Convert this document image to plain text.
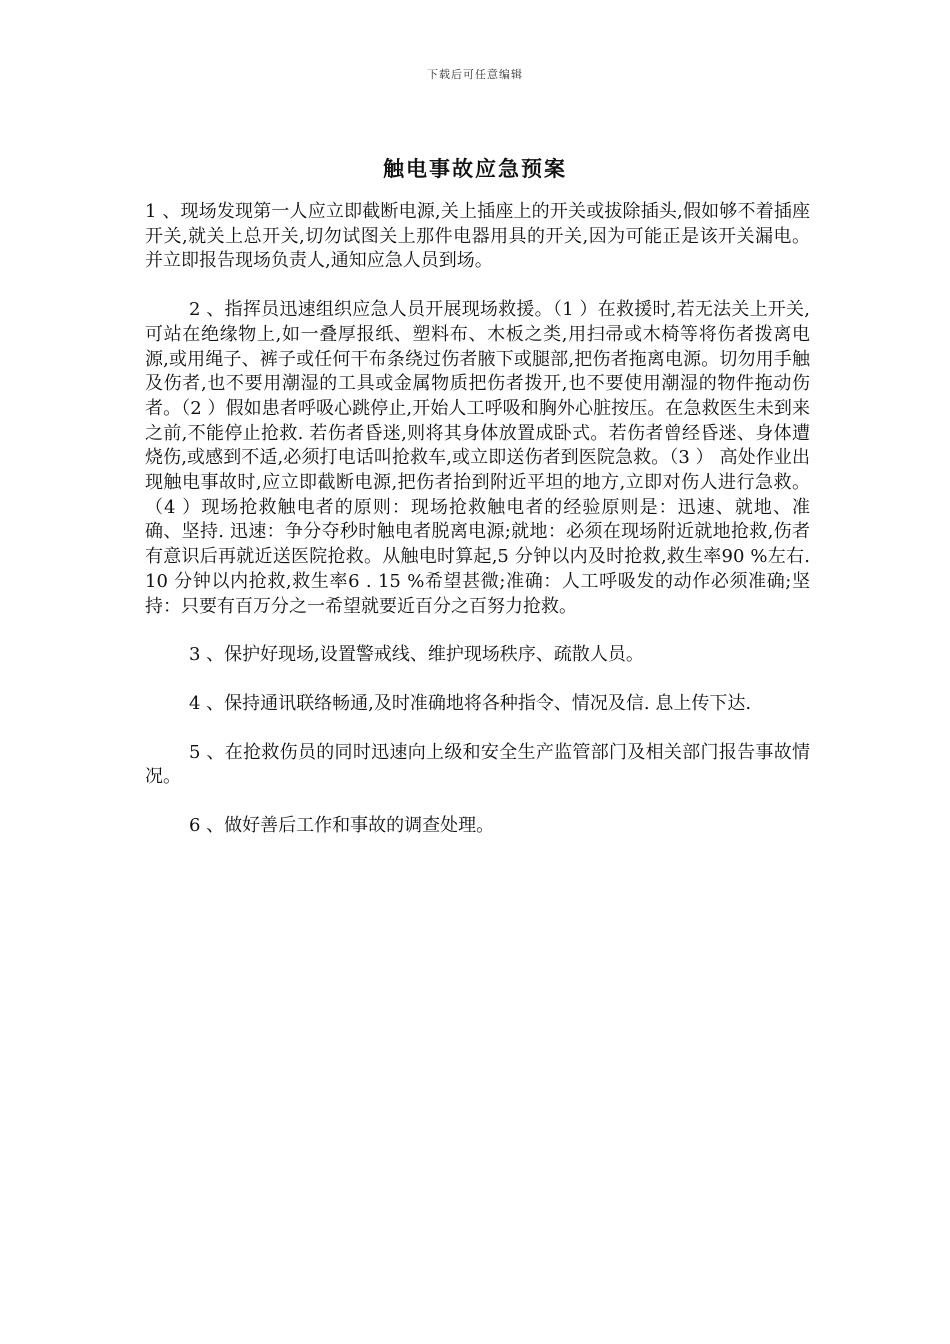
下载后可任意编辑
触电事故应急预案

1 、现场发现第一人应立即截断电源,关上插座上的开关或拔除插头,假如够不着插座开关,就关上总开关,切勿试图关上那件电器用具的开关,因为可能正是该开关漏电。并立即报告现场负责人,通知应急人员到场。

2 、指挥员迅速组织应急人员开展现场救援。（1 ）在救援时,若无法关上开关,可站在绝缘物上,如一叠厚报纸、塑料布、木板之类,用扫帚或木椅等将伤者拨离电源,或用绳子、裤子或任何干布条绕过伤者腋下或腿部,把伤者拖离电源。切勿用手触及伤者,也不要用潮湿的工具或金属物质把伤者拨开,也不要使用潮湿的物件拖动伤者。（2 ）假如患者呼吸心跳停止,开始人工呼吸和胸外心脏按压。在急救医生未到来之前,不能停止抢救. 若伤者昏迷,则将其身体放置成卧式。若伤者曾经昏迷、身体遭烧伤,或感到不适,必须打电话叫抢救车,或立即送伤者到医院急救。（3 ） 高处作业出现触电事故时,应立即截断电源,把伤者抬到附近平坦的地方,立即对伤人进行急救。（4 ）现场抢救触电者的原则：现场抢救触电者的经验原则是：迅速、就地、准确、坚持. 迅速：争分夺秒时触电者脱离电源;就地：必须在现场附近就地抢救,伤者有意识后再就近送医院抢救。从触电时算起,5 分钟以内及时抢救,救生率90 %左右. 10 分钟以内抢救,救生率6 . 15 %希望甚微;准确：人工呼吸发的动作必须准确;坚持：只要有百万分之一希望就要近百分之百努力抢救。

3 、保护好现场,设置警戒线、维护现场秩序、疏散人员。

4 、保持通讯联络畅通,及时准确地将各种指令、情况及信. 息上传下达.

5 、在抢救伤员的同时迅速向上级和安全生产监管部门及相关部门报告事故情况。

6 、做好善后工作和事故的调查处理。
